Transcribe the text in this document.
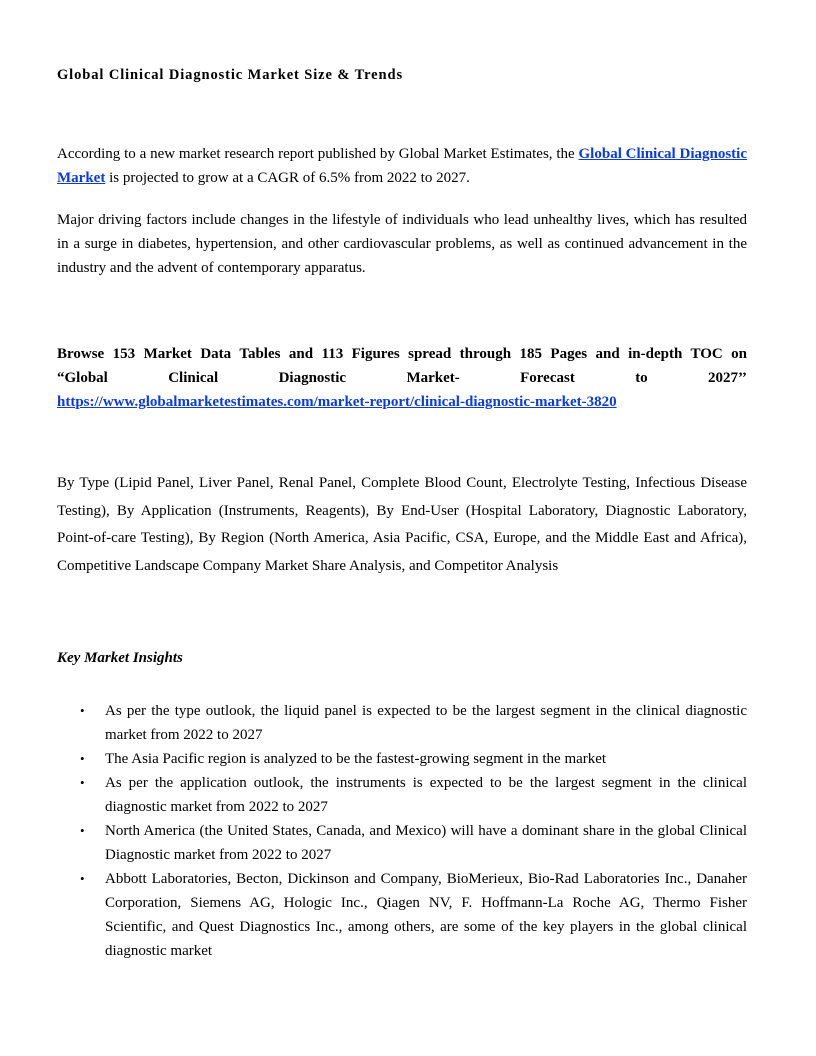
Global Clinical Diagnostic Market Size & Trends

According to a new market research report published by Global Market Estimates, the Global Clinical Diagnostic Market is projected to grow at a CAGR of 6.5% from 2022 to 2027.

Major driving factors include changes in the lifestyle of individuals who lead unhealthy lives, which has resulted in a surge in diabetes, hypertension, and other cardiovascular problems, as well as continued advancement in the industry and the advent of contemporary apparatus.

Browse 153 Market Data Tables and 113 Figures spread through 185 Pages and in-depth TOC on
“Global	Clinical	Diagnostic	Market-	Forecast	to	2027’’
https://www.globalmarketestimates.com/market-report/clinical-diagnostic-market-3820

By Type (Lipid Panel, Liver Panel, Renal Panel, Complete Blood Count, Electrolyte Testing, Infectious Disease Testing), By Application (Instruments, Reagents), By End-User (Hospital Laboratory, Diagnostic Laboratory, Point-of-care Testing), By Region (North America, Asia Pacific, CSA, Europe, and the Middle East and Africa), Competitive Landscape Company Market Share Analysis, and Competitor Analysis

Key Market Insights
• As per the type outlook, the liquid panel is expected to be the largest segment in the clinical diagnostic market from 2022 to 2027
• The Asia Pacific region is analyzed to be the fastest-growing segment in the market
• As per the application outlook, the instruments is expected to be the largest segment in the clinical diagnostic market from 2022 to 2027
• North America (the United States, Canada, and Mexico) will have a dominant share in the global Clinical Diagnostic market from 2022 to 2027
• Abbott Laboratories, Becton, Dickinson and Company, BioMerieux, Bio-Rad Laboratories Inc., Danaher Corporation, Siemens AG, Hologic Inc., Qiagen NV, F. Hoffmann-La Roche AG, Thermo Fisher Scientific, and Quest Diagnostics Inc., among others, are some of the key players in the global clinical diagnostic market
